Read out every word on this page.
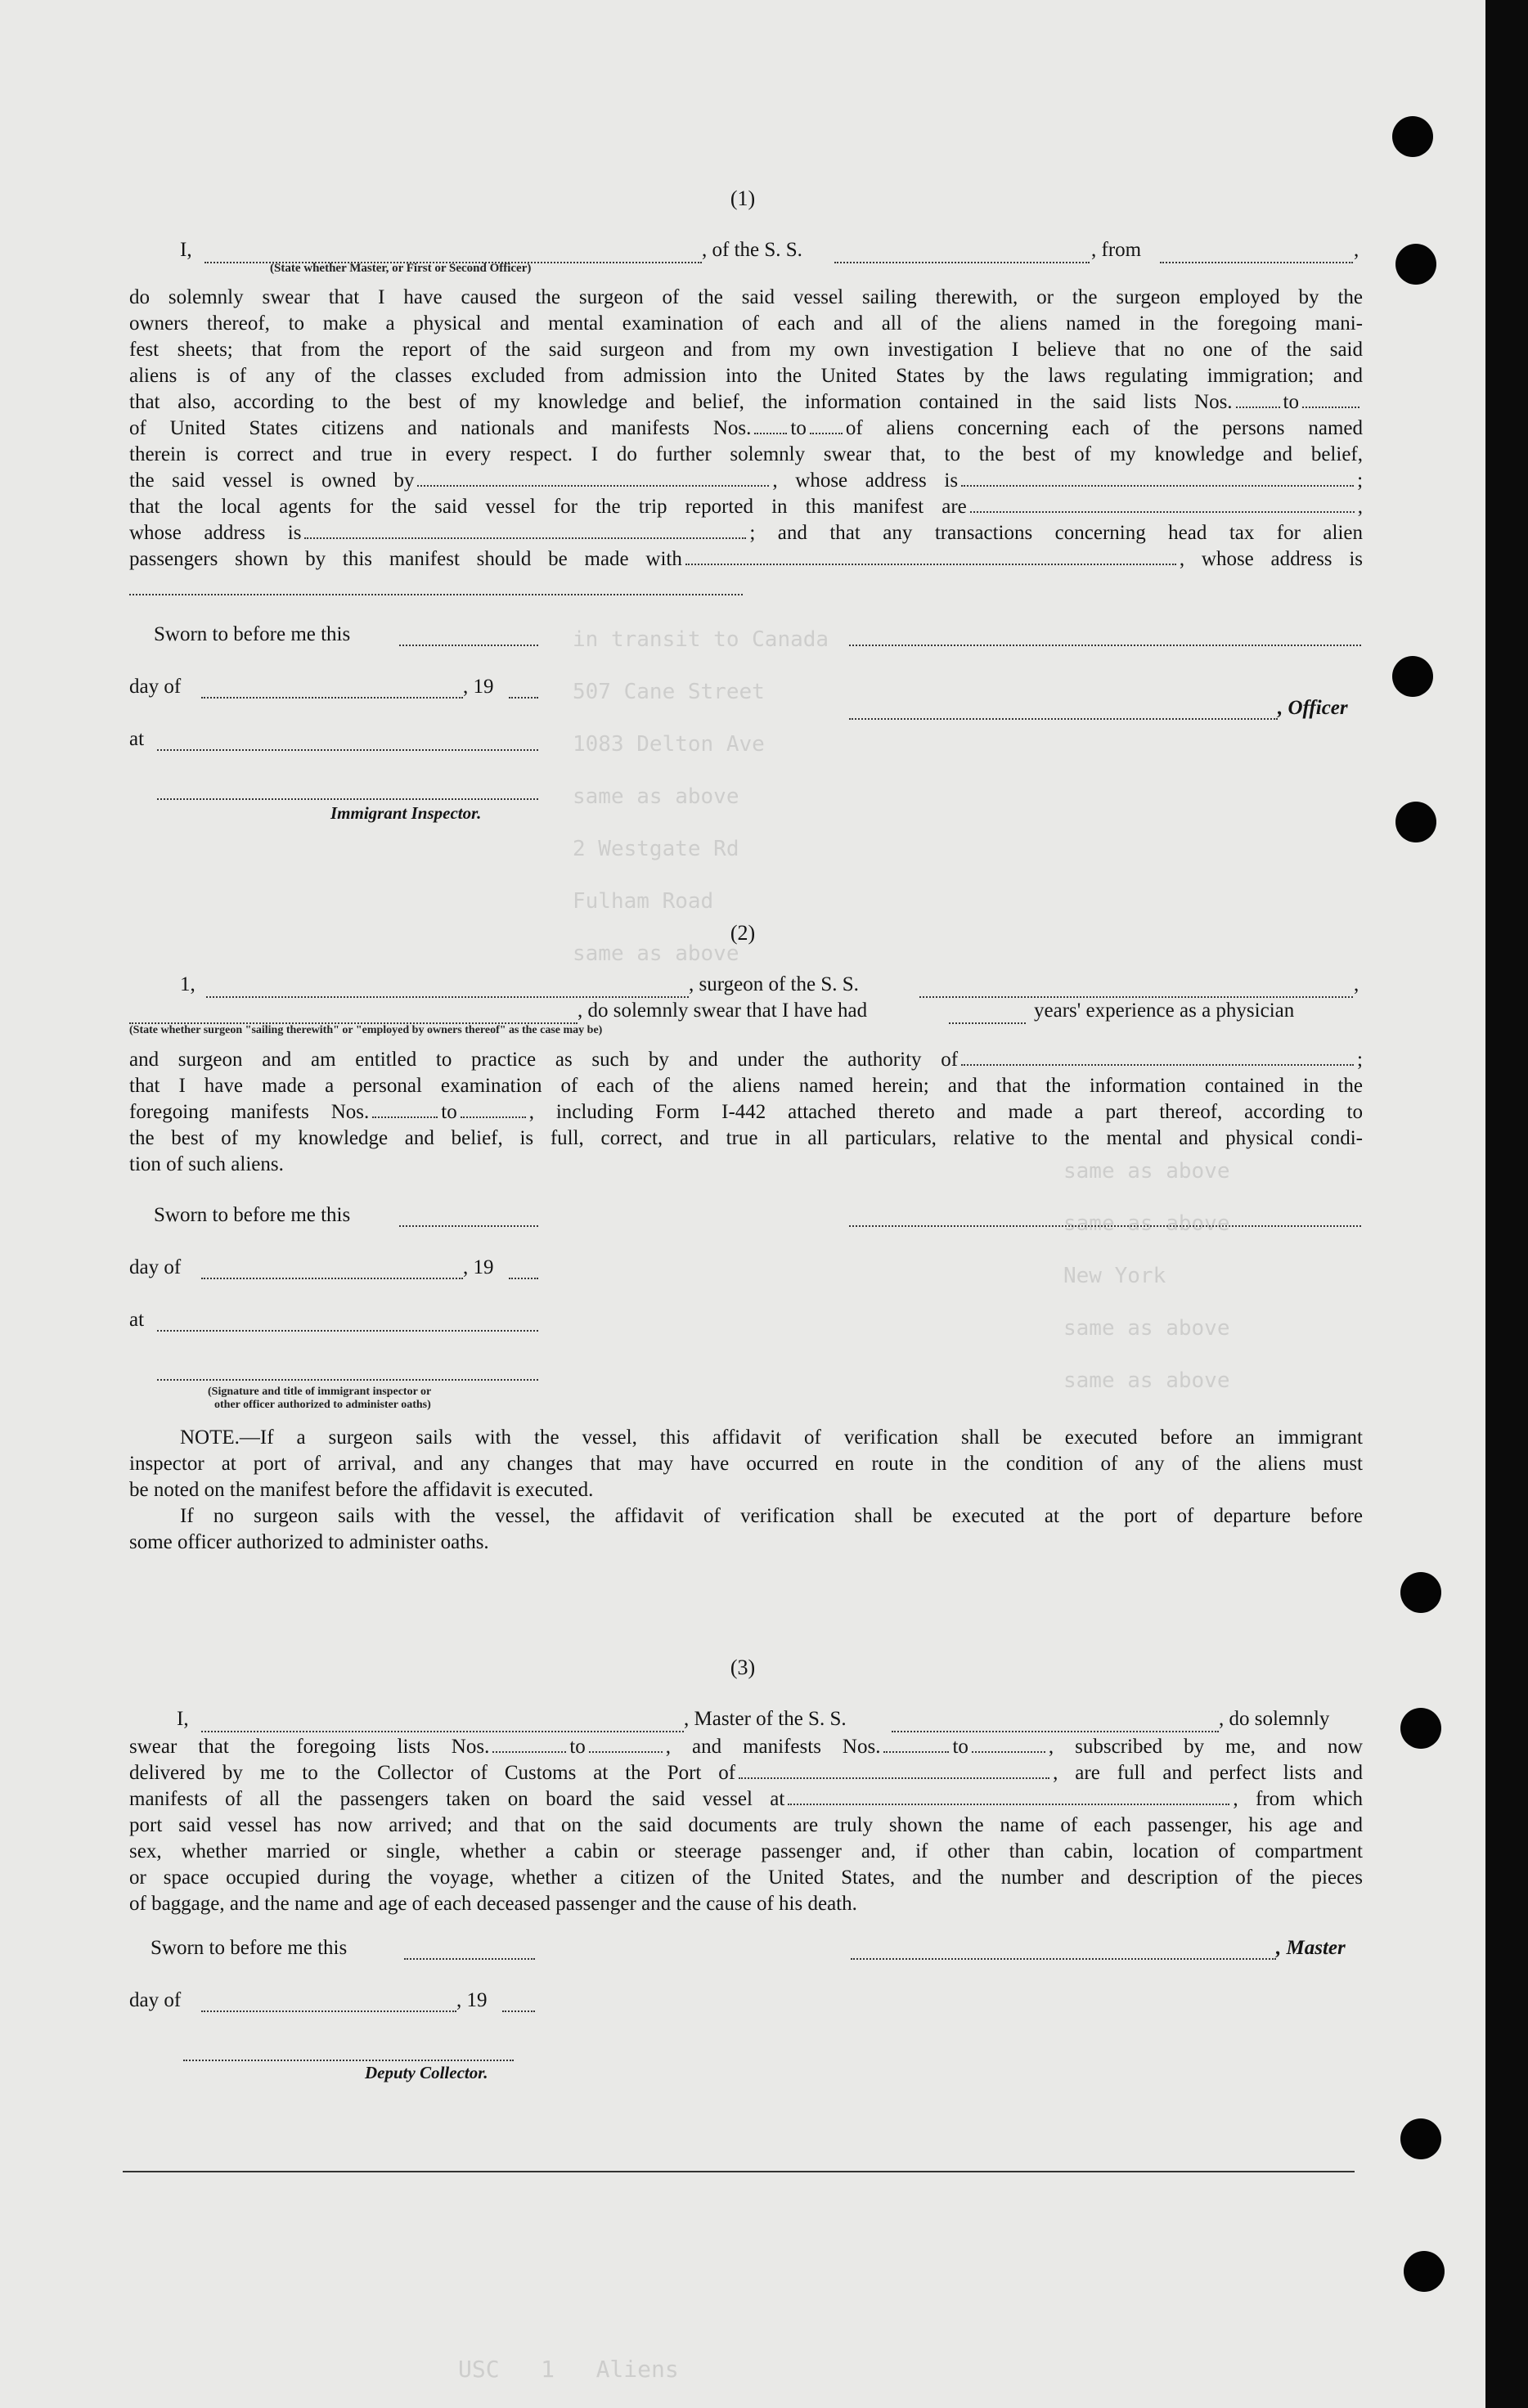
in transit to Canada
507 Cane Street
1083 Delton Ave
same as above
2 Westgate Rd
Fulham Road
same as above
same as above
same as above
New York
same as above
same as above
(1)
I,	, of the S. S.	, from	,
(State whether Master, or First or Second Officer)
do solemnly swear that I have caused the surgeon of the said vessel sailing therewith, or the surgeon employed by the
owners thereof, to make a physical and mental examination of each and all of the aliens named in the foregoing mani-
fest sheets; that from the report of the said surgeon and from my own investigation I believe that no one of the said
aliens is of any of the classes excluded from admission into the United States by the laws regulating immigration; and
that also, according to the best of my knowledge and belief, the information contained in the said lists Nos. to
of United States citizens and nationals and manifests Nos. to of aliens concerning each of the persons named
therein is correct and true in every respect. I do further solemnly swear that, to the best of my knowledge and belief,
the said vessel is owned by	, whose address is	;
that the local agents for the said vessel for the trip reported in this manifest are	,
whose address is	; and that any transactions concerning head tax for alien
passengers shown by this manifest should be made with	, whose address is
Sworn to before me this
day of	, 19
, Officer
at
Immigrant Inspector.
(2)
1,	, surgeon of the S. S.	,
, do solemnly swear that I have had	years' experience as a physician
(State whether surgeon "sailing therewith" or "employed by owners thereof" as the case may be)
and surgeon and am entitled to practice as such by and under the authority of	;
that I have made a personal examination of each of the aliens named herein; and that the information contained in the
foregoing manifests Nos.	to	, including Form I-442 attached thereto and made a part thereof, according to
the best of my knowledge and belief, is full, correct, and true in all particulars, relative to the mental and physical condi-
tion of such aliens.
Sworn to before me this
day of	, 19
at
(Signature and title of immigrant inspector or
other officer authorized to administer oaths)
NOTE.—If a surgeon sails with the vessel, this affidavit of verification shall be executed before an immigrant
inspector at port of arrival, and any changes that may have occurred en route in the condition of any of the aliens must
be noted on the manifest before the affidavit is executed.
If no surgeon sails with the vessel, the affidavit of verification shall be executed at the port of departure before
some officer authorized to administer oaths.
(3)
I,	, Master of the S. S.	, do solemnly
swear that the foregoing lists Nos.	to	, and manifests Nos.	to	, subscribed by me, and now
delivered by me to the Collector of Customs at the Port of	, are full and perfect lists and
manifests of all the passengers taken on board the said vessel at	, from which
port said vessel has now arrived; and that on the said documents are truly shown the name of each passenger, his age and
sex, whether married or single, whether a cabin or steerage passenger and, if other than cabin, location of compartment
or space occupied during the voyage, whether a citizen of the United States, and the number and description of the pieces
of baggage, and the name and age of each deceased passenger and the cause of his death.
Sworn to before me this	, Master
day of	, 19
Deputy Collector.
USC   1   Aliens
